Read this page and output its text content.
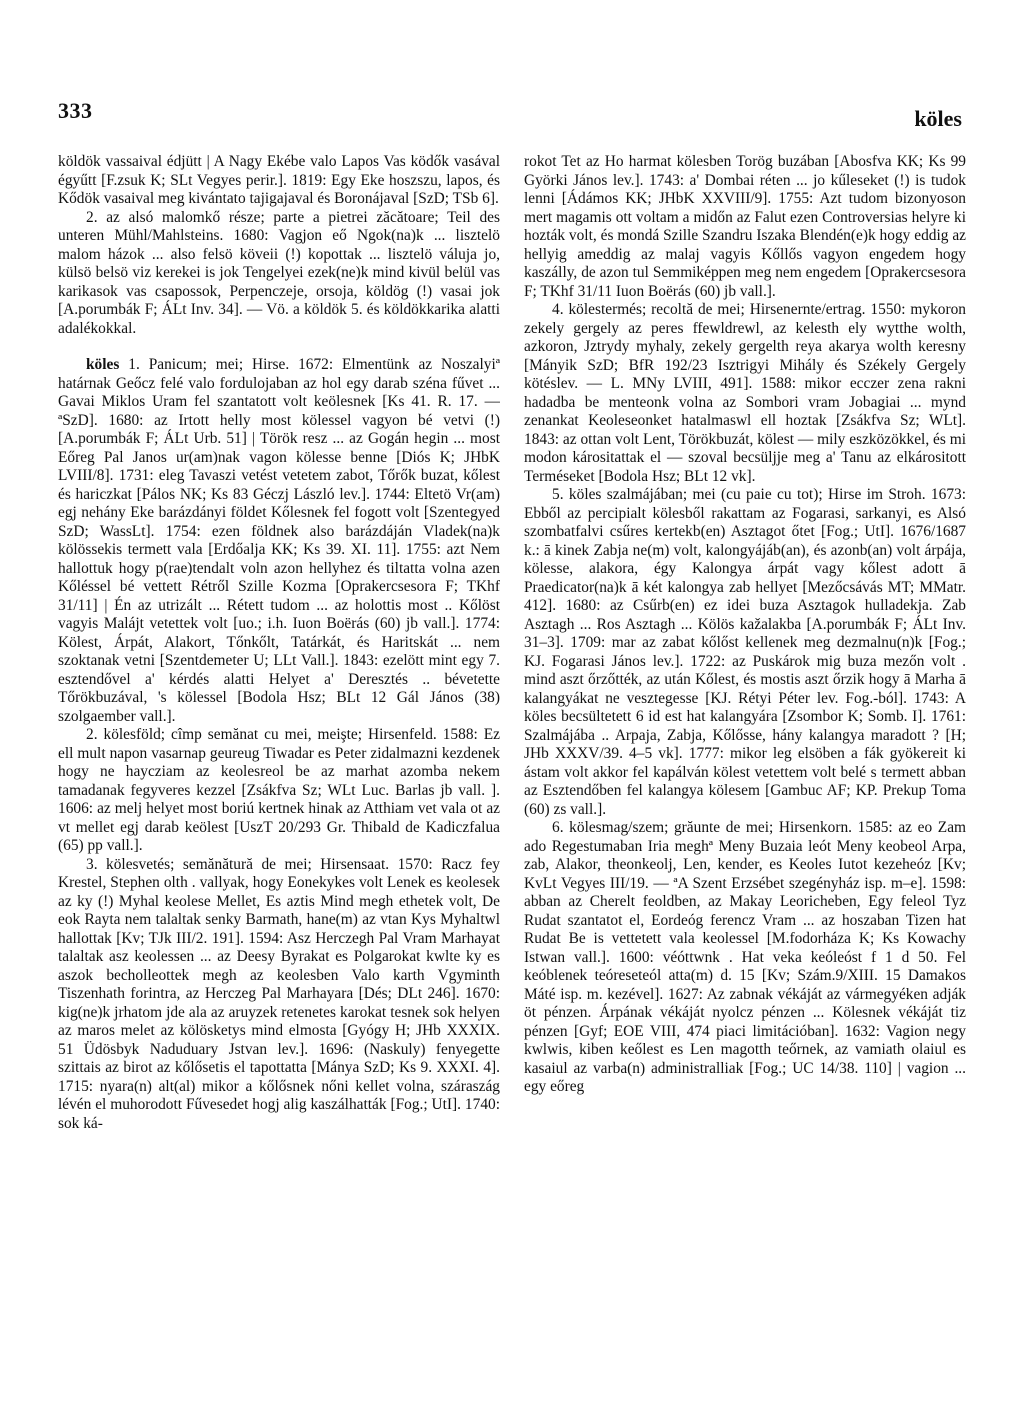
333	köles

köldök vassaival édjütt | A Nagy Ekébe valo Lapos Vas ködők vasával égyűtt [F.zsuk K; SLt Vegyes perir.]. 1819: Egy Eke hoszszu, lapos, és Kődök vasaival meg kivántato tajigajaval és Boronájaval [SzD; TSb 6].

2. az alsó malomkő része; parte a pietrei zăcătoare; Teil des unteren Mühl/Mahlsteins. 1680: Vagjon eő Ngok(na)k ... lisztelö malom házok ... also felsö köveii (!) kopottak ... lisztelö váluja jo, külsö belsö viz kerekei is jok Tengelyei ezek(ne)k mind kivül belül vas karikasok vas csapossok, Perpenczeje, orsoja, köldög (!) vasai jok [A.porumbák F; ÁLt Inv. 34]. — Vö. a köldök 5. és köldökkarika alatti adalékokkal.

köles 1. Panicum; mei; Hirse. 1672: Elmentünk az Noszalyiª határnak Geőcz felé valo fordulojaban az hol egy darab széna fűvet ... Gavai Miklos Uram fel szantatott volt keölesnek [Ks 41. R. 17. — ªSzD]. 1680: az Irtott helly most kölessel vagyon bé vetvi (!) [A.porumbák F; ÁLt Urb. 51] | Török resz ... az Gogán hegin ... most Eőreg Pal Janos ur(am)nak vagon kölesse benne [Diós K; JHbK LVIII/8]. 1731: eleg Tavaszi vetést vetetem zabot, Tőrők buzat, kőlest és hariczkat [Pálos NK; Ks 83 Géczj László lev.]. 1744: Eltetö Vr(am) egj nehány Eke barázdányi földet Kőlesnek fel fogott volt [Szentegyed SzD; WassLt]. 1754: ezen földnek also barázdáján Vladek(na)k kölössekis termett vala [Erdőalja KK; Ks 39. XI. 11]. 1755: azt Nem hallottuk hogy p(rae)tendalt voln azon hellyhez és tiltatta volna azen Kőléssel bé vettett Rétről Szille Kozma [Oprakercsesora F; TKhf 31/11] | Én az utrizált ... Rétett tudom ... az holottis most .. Kőlöst vagyis Malájt vetettek volt [uo.; i.h. Iuon Boërás (60) jb vall.]. 1774: Kölest, Árpát, Alakort, Tőnkőlt, Tatárkát, és Haritskát ... nem szoktanak vetni [Szentdemeter U; LLt Vall.]. 1843: ezelött mint egy 7. esztendővel a' kérdés alatti Helyet a' Deresztés .. bévetette Tőrökbuzával, 's kölessel [Bodola Hsz; BLt 12 Gál János (38) szolgaember vall.].

2. kölesföld; cîmp semănat cu mei, meişte; Hirsenfeld. 1588: Ez ell mult napon vasarnap geureug Tiwadar es Peter zidalmazni kezdenek hogy ne haycziam az keolesreol be az marhat azomba nekem tamadanak fegyveres kezzel [Zsákfva Sz; WLt Luc. Barlas jb vall. ]. 1606: az melj helyet most boriú kertnek hinak az Atthiam vet vala ot az vt mellet egj darab keölest [UszT 20/293 Gr. Thibald de Kadiczfalua (65) pp vall.].

3. kölesvetés; semănătură de mei; Hirsensaat. 1570: Racz fey Krestel, Stephen olth . vallyak, hogy Eonekykes volt Lenek es keolesek az ky (!) Myhal keolese Mellet, Es aztis Mind megh ethetek volt, De eok Rayta nem talaltak senky Barmath, hane(m) az vtan Kys Myhaltwl hallottak [Kv; TJk III/2. 191]. 1594: Asz Herczegh Pal Vram Marhayat talaltak asz keolessen ... az Deesy Byrakat es Polgarokat kwlte ky es aszok becholleottek megh az keolesben Valo karth Vgyminth Tiszenhath forintra, az Herczeg Pal Marhayara [Dés; DLt 246]. 1670: kig(ne)k jrhatom jde ala az aruyzek retenetes karokat tesnek sok helyen az maros melet az kölösketys mind elmosta [Gyógy H; JHb XXXIX. 51 Üdösbyk Naduduary Jstvan lev.]. 1696: (Naskuly) fenyegette szittais az birot az kőlősetis el tapottatta [Mánya SzD; Ks 9. XXXI. 4]. 1715: nyara(n) alt(al) mikor a kőlősnek nőni kellet volna, száraszág lévén el muhorodott Fűvesedet hogj alig kaszálhatták [Fog.; UtI]. 1740: sok ká-

rokot Tet az Ho harmat kölesben Torög buzában [Abosfva KK; Ks 99 Györki János lev.]. 1743: a' Dombai réten ... jo kűleseket (!) is tudok lenni [Ádámos KK; JHbK XXVIII/9]. 1755: Azt tudom bizonyoson mert magamis ott voltam a midőn az Falut ezen Controversias helyre ki hozták volt, és mondá Szille Szandru Iszaka Blendén(e)k hogy eddig az hellyig ameddig az malaj vagyis Kőllős vagyon engedem hogy kaszálly, de azon tul Semmiképpen meg nem engedem [Oprakercsesora F; TKhf 31/11 Iuon Boërás (60) jb vall.].

4. kölestermés; recoltă de mei; Hirsenernte/ertrag. 1550: mykoron zekely gergely az peres ffewldrewl, az kelesth ely wytthe wolth, azkoron, Jztrydy myhaly, zekely gergelth reya akarya wolth keresny [Mányik SzD; BfR 192/23 Isztrigyi Mihály és Székely Gergely kötéslev. — L. MNy LVIII, 491]. 1588: mikor ecczer zena rakni hadadba be menteonk volna az Sombori vram Jobagiai ... mynd zenankat Keoleseonket hatalmaswl ell hoztak [Zsákfva Sz; WLt]. 1843: az ottan volt Lent, Törökbuzát, kölest — mily eszközökkel, és mi modon kárositattak el — szoval becsüljje meg a' Tanu az elkárositott Terméseket [Bodola Hsz; BLt 12 vk].

5. köles szalmájában; mei (cu paie cu tot); Hirse im Stroh. 1673: Ebből az percipialt kölesből rakattam az Fogarasi, sarkanyi, es Alsó szombatfalvi csűres kertekb(en) Asztagot őtet [Fog.; UtI]. 1676/1687 k.: ā kinek Zabja ne(m) volt, kalongyájáb(an), és azonb(an) volt árpája, kölesse, alakora, égy Kalongya árpát vagy kőlest adott ā Praedicator(na)k ā két kalongya zab hellyet [Mezőcsávás MT; MMatr. 412]. 1680: az Csűrb(en) ez idei buza Asztagok hulladekja. Zab Asztagh ... Ros Asztagh ... Kölös kažalakba [A.porumbák F; ÁLt Inv. 31–3]. 1709: mar az zabat kőlőst kellenek meg dezmalnu(n)k [Fog.; KJ. Fogarasi János lev.]. 1722: az Puskárok mig buza mezőn volt . mind aszt őrzőtték, az után Kőlest, és mostis aszt őrzik hogy ā Marha ā kalangyákat ne vesztegesse [KJ. Rétyi Péter lev. Fog.-ból]. 1743: A köles becsültetett 6 id est hat kalangyára [Zsombor K; Somb. I]. 1761: Szalmájába .. Arpaja, Zabja, Kőlősse, hány kalangya maradott ? [H; JHb XXXV/39. 4–5 vk]. 1777: mikor leg elsöben a fák gyökereit ki ástam volt akkor fel kapálván kölest vetettem volt belé s termett abban az Esztendőben fel kalangya kölesem [Gambuc AF; KP. Prekup Toma (60) zs vall.].

6. kölesmag/szem; grăunte de mei; Hirsenkorn. 1585: az eo Zam ado Regestumaban Iria meghª Meny Buzaia leót Meny keobeol Arpa, zab, Alakor, theonkeolj, Len, kender, es Keoles Iutot kezeheóz [Kv; KvLt Vegyes III/19. — ªA Szent Erzsébet szegényház isp. m–e]. 1598: abban az Cherelt feoldben, az Makay Leoricheben, Egy feleol Tyz Rudat szantatot el, Eordeóg ferencz Vram ... az hoszaban Tizen hat Rudat Be is vettetett vala keolessel [M.fodorháza K; Ks Kowachy Istwan vall.]. 1600: véóttwnk . Hat veka keóleóst f 1 d 50. Fel keóblenek teóreseteól atta(m) d. 15 [Kv; Szám.9/XIII. 15 Damakos Máté isp. m. kezével]. 1627: Az zabnak vékáját az vármegyéken adják öt pénzen. Árpának vékáját nyolcz pénzen ... Kölesnek vékáját tiz pénzen [Gyf; EOE VIII, 474 piaci limitációban]. 1632: Vagion negy kwlwis, kiben keőlest es Len magotth teőrnek, az vamiath olaiul es kasaiul az varba(n) administralliak [Fog.; UC 14/38. 110] | vagion ... egy eőreg
